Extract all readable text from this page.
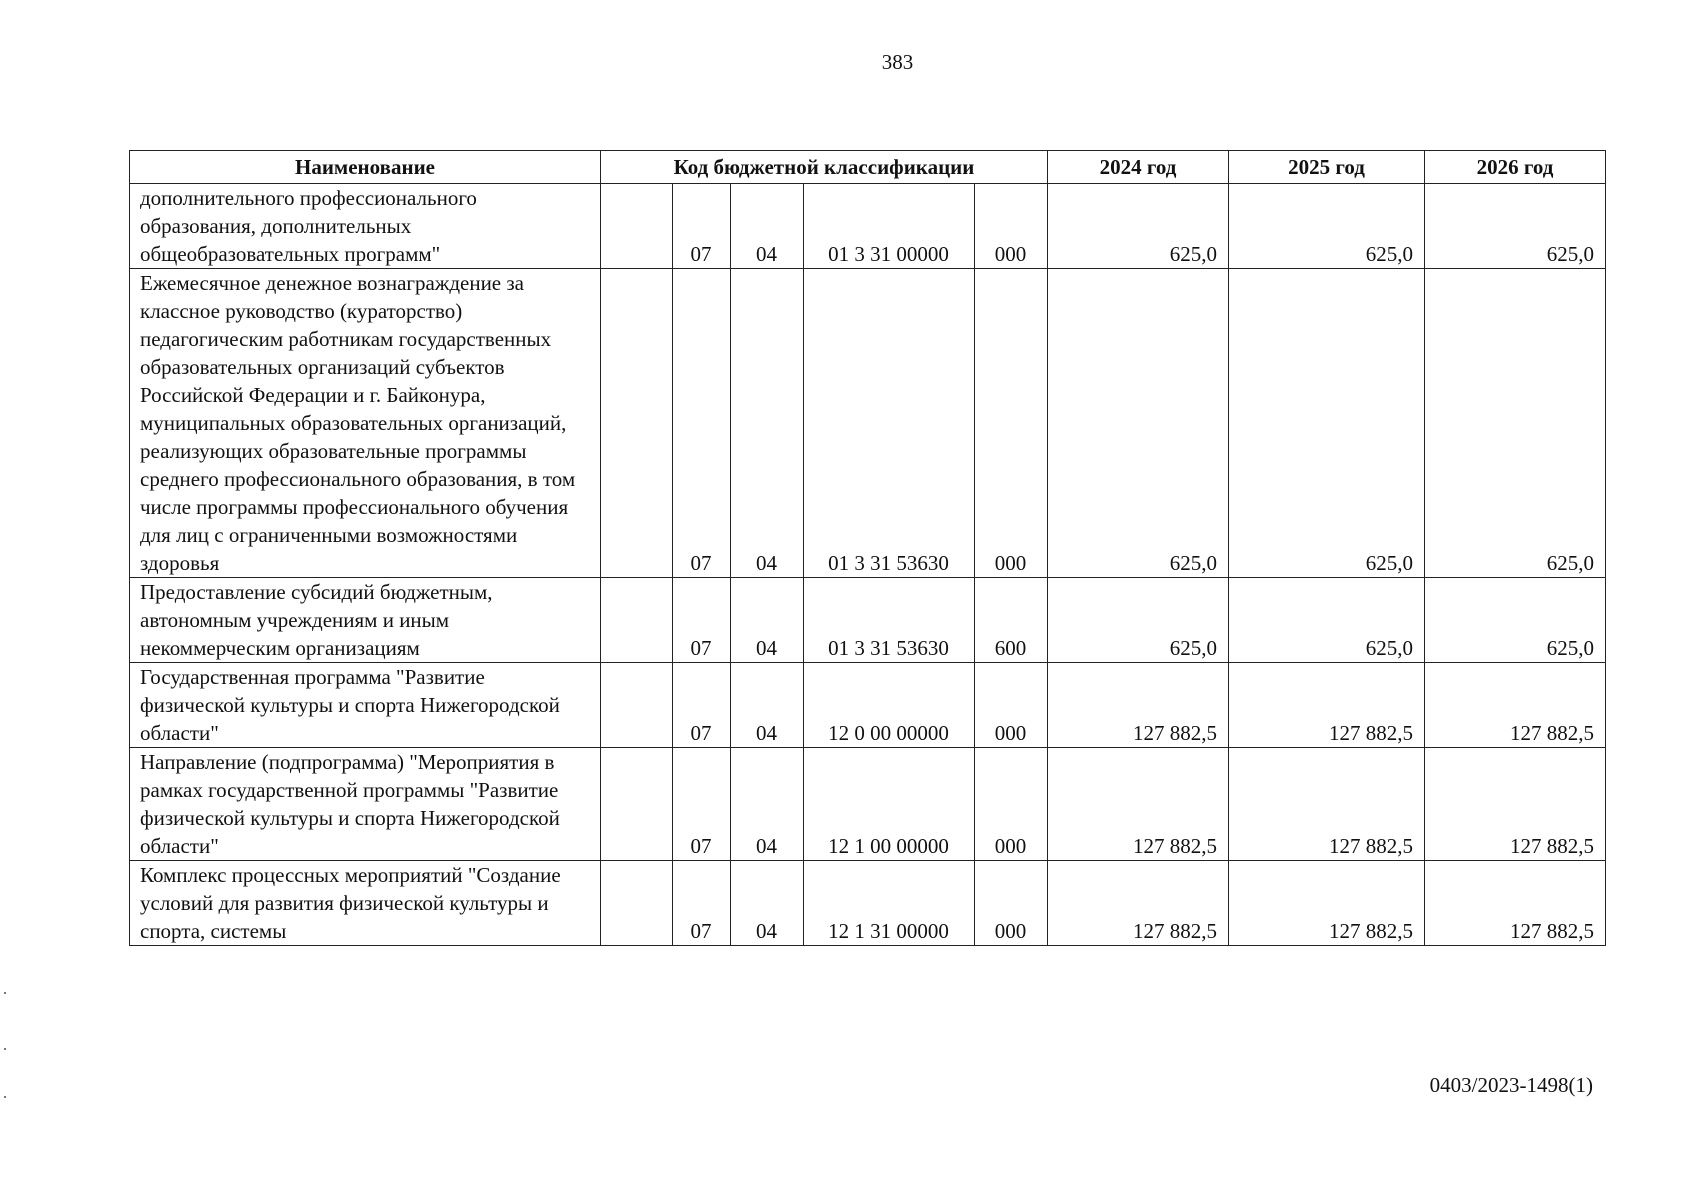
383
Наименование	Код бюджетной классификации					2024 год	2025 год	2026 год
дополнительного профессионального образования, дополнительных общеобразовательных программ"		07	04	01 3 31 00000	000	625,0	625,0	625,0
Ежемесячное денежное вознаграждение за классное руководство (кураторство) педагогическим работникам государственных образовательных организаций субъектов Российской Федерации и г. Байконура, муниципальных образовательных организаций, реализующих образовательные программы среднего профессионального образования, в том числе программы профессионального обучения для лиц с ограниченными возможностями здоровья		07	04	01 3 31 53630	000	625,0	625,0	625,0
Предоставление субсидий бюджетным, автономным учреждениям и иным некоммерческим организациям		07	04	01 3 31 53630	600	625,0	625,0	625,0
Государственная программа "Развитие физической культуры и спорта Нижегородской области"		07	04	12 0 00 00000	000	127 882,5	127 882,5	127 882,5
Направление (подпрограмма) "Мероприятия в рамках государственной программы "Развитие физической культуры и спорта Нижегородской области"		07	04	12 1 00 00000	000	127 882,5	127 882,5	127 882,5
Комплекс процессных мероприятий "Создание условий для развития физической культуры и спорта, системы		07	04	12 1 31 00000	000	127 882,5	127 882,5	127 882,5
0403/2023-1498(1)
